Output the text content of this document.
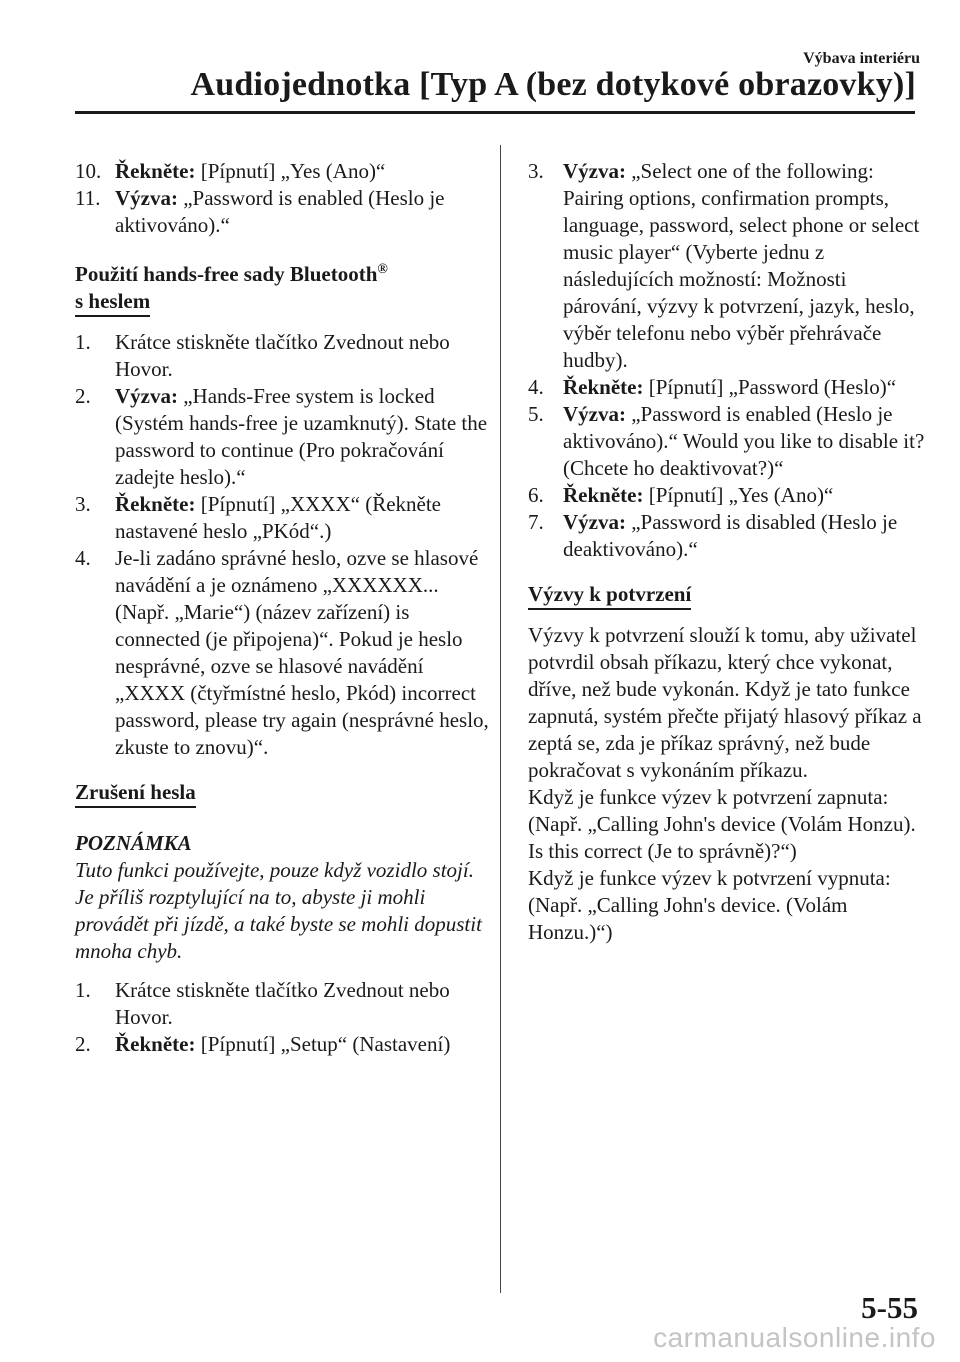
Výbava interiéru
Audiojednotka [Typ A (bez dotykové obrazovky)]
10. Řekněte: [Pípnutí] „Yes (Ano)“
11. Výzva: „Password is enabled (Heslo je aktivováno).“
Použití hands-free sady Bluetooth®
s heslem
1.	Krátce stiskněte tlačítko Zvednout nebo Hovor.
2.	Výzva: „Hands-Free system is locked (Systém hands-free je uzamknutý). State the password to continue (Pro pokračování zadejte heslo).“
3.	Řekněte: [Pípnutí] „XXXX“ (Řekněte nastavené heslo „PKód“.)
4.	Je-li zadáno správné heslo, ozve se hlasové navádění a je oznámeno „XXXXXX... (Např. „Marie“) (název zařízení) is connected (je připojena)“. Pokud je heslo nesprávné, ozve se hlasové navádění „XXXX (čtyřmístné heslo, Pkód) incorrect password, please try again (nesprávné heslo, zkuste to znovu)“.
Zrušení hesla
POZNÁMKA
Tuto funkci používejte, pouze když vozidlo stojí. Je příliš rozptylující na to, abyste ji mohli provádět při jízdě, a také byste se mohli dopustit mnoha chyb.
1.	Krátce stiskněte tlačítko Zvednout nebo Hovor.
2.	Řekněte: [Pípnutí] „Setup“ (Nastavení)
3. Výzva: „Select one of the following: Pairing options, confirmation prompts, language, password, select phone or select music player“ (Vyberte jednu z následujících možností: Možnosti párování, výzvy k potvrzení, jazyk, heslo, výběr telefonu nebo výběr přehrávače hudby).
4. Řekněte: [Pípnutí] „Password (Heslo)“
5. Výzva: „Password is enabled (Heslo je aktivováno).“ Would you like to disable it? (Chcete ho deaktivovat?)“
6. Řekněte: [Pípnutí] „Yes (Ano)“
7. Výzva: „Password is disabled (Heslo je deaktivováno).“
Výzvy k potvrzení

Výzvy k potvrzení slouží k tomu, aby uživatel potvrdil obsah příkazu, který chce vykonat, dříve, než bude vykonán. Když je tato funkce zapnutá, systém přečte přijatý hlasový příkaz a zeptá se, zda je příkaz správný, než bude pokračovat s vykonáním příkazu.

Když je funkce výzev k potvrzení zapnuta: (Např. „Calling John's device (Volám Honzu). Is this correct (Je to správně)?“)

Když je funkce výzev k potvrzení vypnuta:

(Např. „Calling John's device. (Volám Honzu.)“)

5-55
carmanualsonline.info
